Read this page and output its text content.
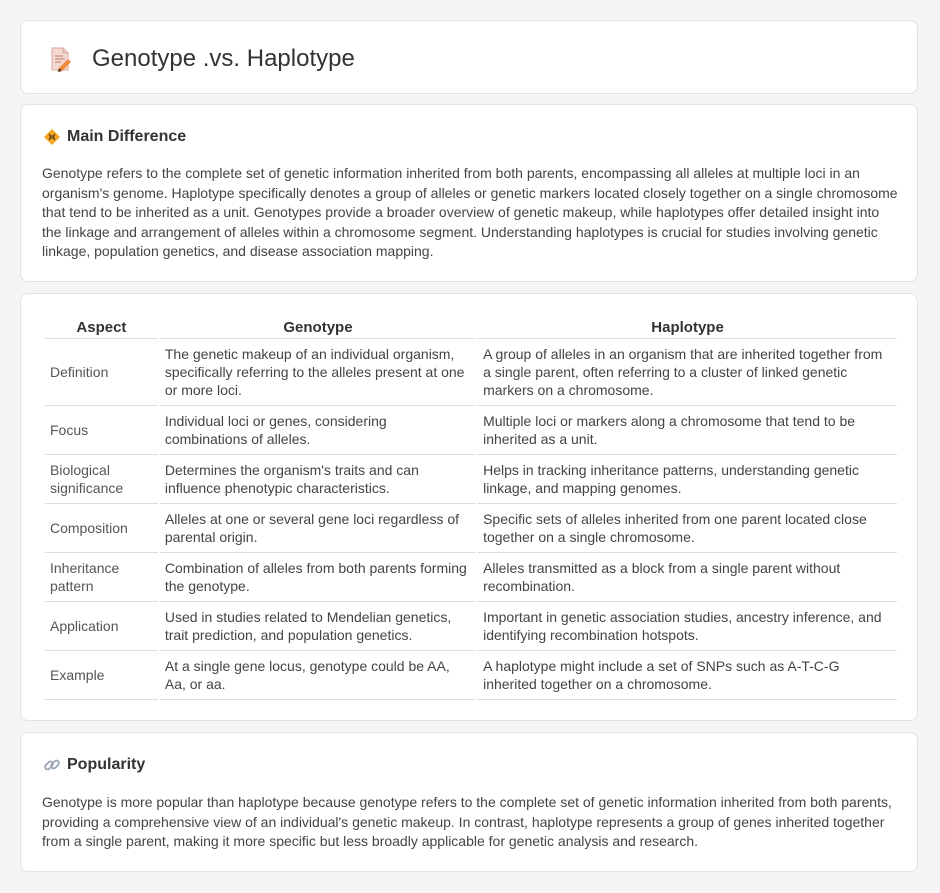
Genotype .vs. Haplotype
Main Difference

Genotype refers to the complete set of genetic information inherited from both parents, encompassing all alleles at multiple loci in an organism's genome. Haplotype specifically denotes a group of alleles or genetic markers located closely together on a single chromosome that tend to be inherited as a unit. Genotypes provide a broader overview of genetic makeup, while haplotypes offer detailed insight into the linkage and arrangement of alleles within a chromosome segment. Understanding haplotypes is crucial for studies involving genetic linkage, population genetics, and disease association mapping.

Aspect	Genotype	Haplotype
Definition	The genetic makeup of an individual organism, specifically referring to the alleles present at one or more loci.	A group of alleles in an organism that are inherited together from a single parent, often referring to a cluster of linked genetic markers on a chromosome.
Focus	Individual loci or genes, considering combinations of alleles.	Multiple loci or markers along a chromosome that tend to be inherited as a unit.
Biological significance	Determines the organism's traits and can influence phenotypic characteristics.	Helps in tracking inheritance patterns, understanding genetic linkage, and mapping genomes.
Composition	Alleles at one or several gene loci regardless of parental origin.	Specific sets of alleles inherited from one parent located close together on a single chromosome.
Inheritance pattern	Combination of alleles from both parents forming the genotype.	Alleles transmitted as a block from a single parent without recombination.
Application	Used in studies related to Mendelian genetics, trait prediction, and population genetics.	Important in genetic association studies, ancestry inference, and identifying recombination hotspots.
Example	At a single gene locus, genotype could be AA, Aa, or aa.	A haplotype might include a set of SNPs such as A-T-C-G inherited together on a chromosome.
Popularity

Genotype is more popular than haplotype because genotype refers to the complete set of genetic information inherited from both parents, providing a comprehensive view of an individual's genetic makeup. In contrast, haplotype represents a group of genes inherited together from a single parent, making it more specific but less broadly applicable for genetic analysis and research.
